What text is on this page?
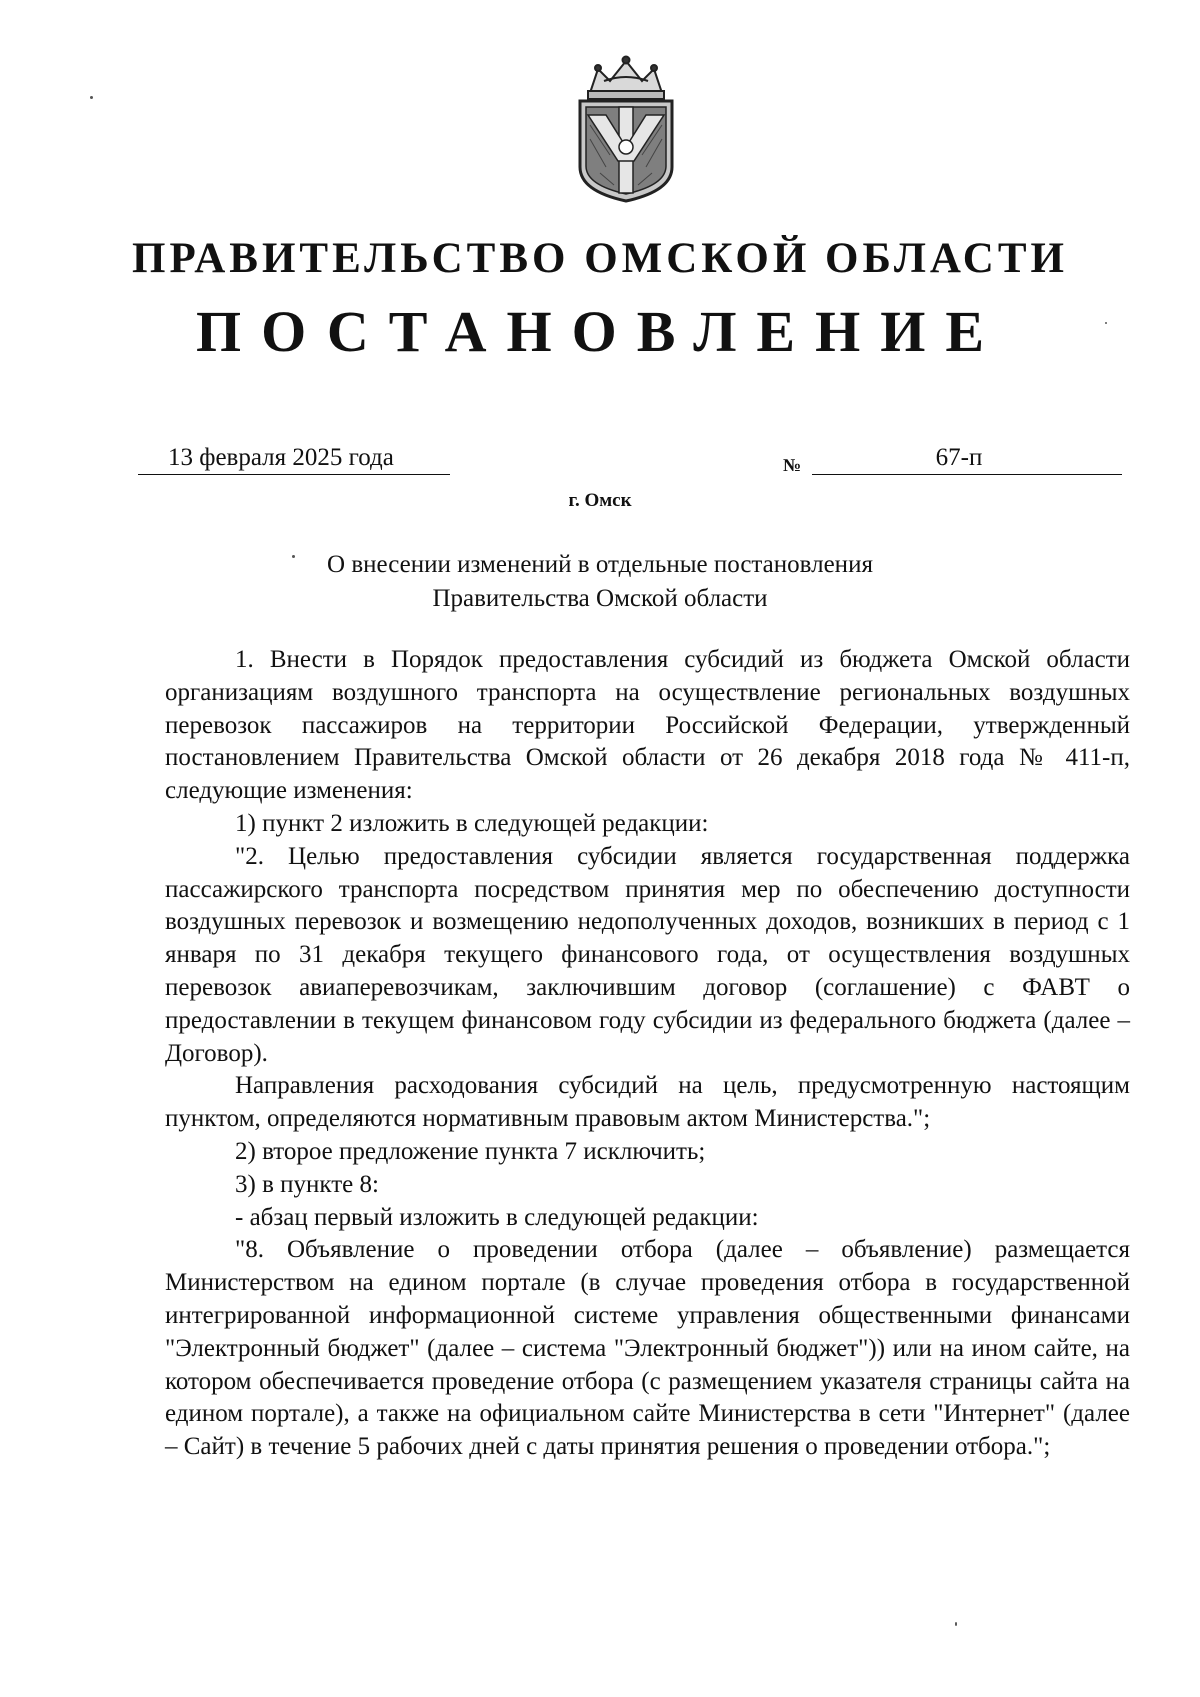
ПРАВИТЕЛЬСТВО ОМСКОЙ ОБЛАСТИ
ПОСТАНОВЛЕНИЕ
13 февраля 2025 года	№	67-п
г. Омск
О внесении изменений в отдельные постановления
Правительства Омской области

1. Внести в Порядок предоставления субсидий из бюджета Омской области организациям воздушного транспорта на осуществление региональных воздушных перевозок пассажиров на территории Российской Федерации, утвержденный постановлением Правительства Омской области от 26 декабря 2018 года № 411-п, следующие изменения:

1) пункт 2 изложить в следующей редакции:

"2. Целью предоставления субсидии является государственная поддержка пассажирского транспорта посредством принятия мер по обеспечению доступности воздушных перевозок и возмещению недополученных доходов, возникших в период с 1 января по 31 декабря текущего финансового года, от осуществления воздушных перевозок авиаперевозчикам, заключившим договор (соглашение) с ФАВТ о предоставлении в текущем финансовом году субсидии из федерального бюджета (далее – Договор).

Направления расходования субсидий на цель, предусмотренную настоящим пунктом, определяются нормативным правовым актом Министерства.";

2) второе предложение пункта 7 исключить;

3) в пункте 8:

- абзац первый изложить в следующей редакции:

"8. Объявление о проведении отбора (далее – объявление) размещается Министерством на едином портале (в случае проведения отбора в государственной интегрированной информационной системе управления общественными финансами "Электронный бюджет" (далее – система "Электронный бюджет")) или на ином сайте, на котором обеспечивается проведение отбора (с размещением указателя страницы сайта на едином портале), а также на официальном сайте Министерства в сети "Интернет" (далее – Сайт) в течение 5 рабочих дней с даты принятия решения о проведении отбора.";
